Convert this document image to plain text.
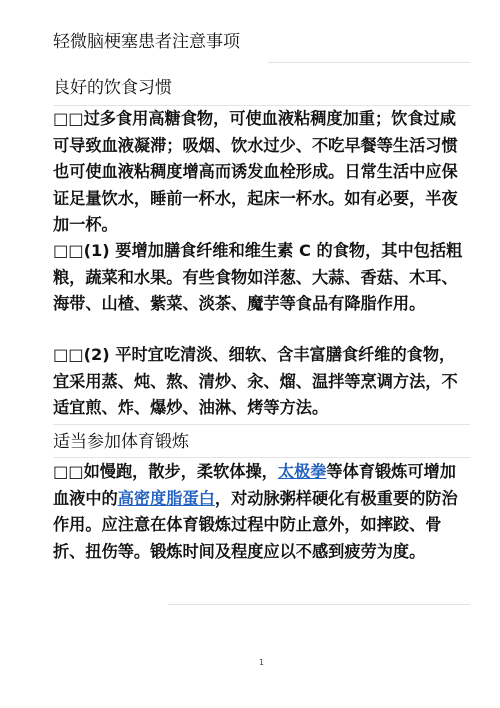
轻微脑梗塞患者注意事项
良好的饮食习惯

□□过多食用高糖食物，可使血液粘稠度加重；饮食过咸可导致血液凝滞；吸烟、饮水过少、不吃早餐等生活习惯也可使血液粘稠度增高而诱发血栓形成。日常生活中应保证足量饮水，睡前一杯水，起床一杯水。如有必要，半夜加一杯。

□□(1) 要增加膳食纤维和维生素 C 的食物，其中包括粗粮，蔬菜和水果。有些食物如洋葱、大蒜、香菇、木耳、海带、山楂、紫菜、淡茶、魔芋等食品有降脂作用。

□□(2) 平时宜吃清淡、细软、含丰富膳食纤维的食物，宜采用蒸、炖、熬、清炒、汆、熘、温拌等烹调方法，不适宜煎、炸、爆炒、油淋、烤等方法。

适当参加体育锻炼

□□如慢跑，散步，柔软体操，太极拳等体育锻炼可增加血液中的高密度脂蛋白，对动脉粥样硬化有极重要的防治作用。应注意在体育锻炼过程中防止意外，如摔跤、骨折、扭伤等。锻炼时间及程度应以不感到疲劳为度。

1
